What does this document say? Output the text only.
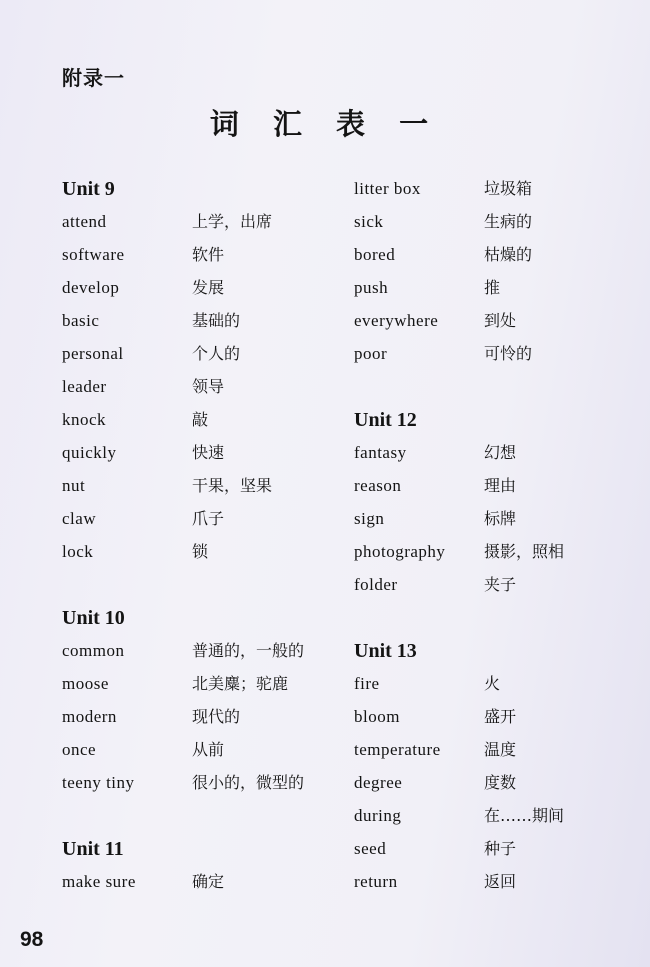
附录一
词 汇 表 一
Unit 9
attend	上学，出席
software	软件
develop	发展
basic	基础的
personal	个人的
leader	领导
knock	敲
quickly	快速
nut	干果，坚果
claw	爪子
lock	锁
Unit 10
common	普通的，一般的
moose	北美麋；驼鹿
modern	现代的
once	从前
teeny tiny	很小的，微型的
Unit 11
make sure	确定
litter box	垃圾箱
sick	生病的
bored	枯燥的
push	推
everywhere	到处
poor	可怜的
Unit 12
fantasy	幻想
reason	理由
sign	标牌
photography	摄影，照相
folder	夹子
Unit 13
fire	火
bloom	盛开
temperature	温度
degree	度数
during	在……期间
seed	种子
return	返回
98
